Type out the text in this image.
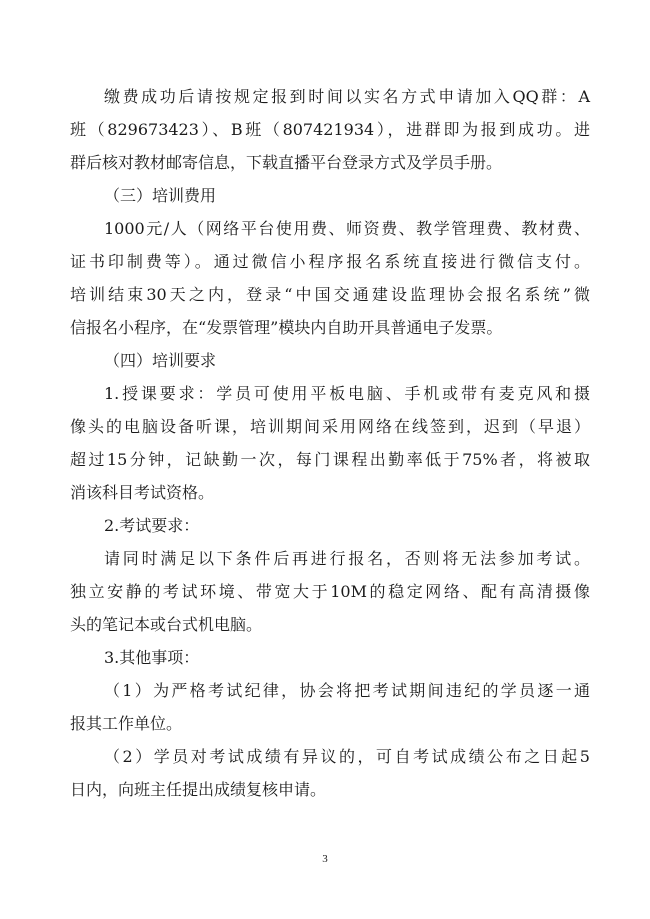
缴费成功后请按规定报到时间以实名方式申请加入QQ群：A
班（829673423）、B班（807421934），进群即为报到成功。进
群后核对教材邮寄信息，下载直播平台登录方式及学员手册。
（三）培训费用
1000元/人（网络平台使用费、师资费、教学管理费、教材费、
证书印制费等）。通过微信小程序报名系统直接进行微信支付。
培训结束30天之内，登录“中国交通建设监理协会报名系统”微
信报名小程序，在“发票管理”模块内自助开具普通电子发票。
（四）培训要求
1.授课要求：学员可使用平板电脑、手机或带有麦克风和摄
像头的电脑设备听课，培训期间采用网络在线签到，迟到（早退）
超过15分钟，记缺勤一次，每门课程出勤率低于75%者，将被取
消该科目考试资格。
2.考试要求：
请同时满足以下条件后再进行报名，否则将无法参加考试。
独立安静的考试环境、带宽大于10M的稳定网络、配有高清摄像
头的笔记本或台式机电脑。
3.其他事项：
（1）为严格考试纪律，协会将把考试期间违纪的学员逐一通
报其工作单位。
（2）学员对考试成绩有异议的，可自考试成绩公布之日起5
日内，向班主任提出成绩复核申请。
3
